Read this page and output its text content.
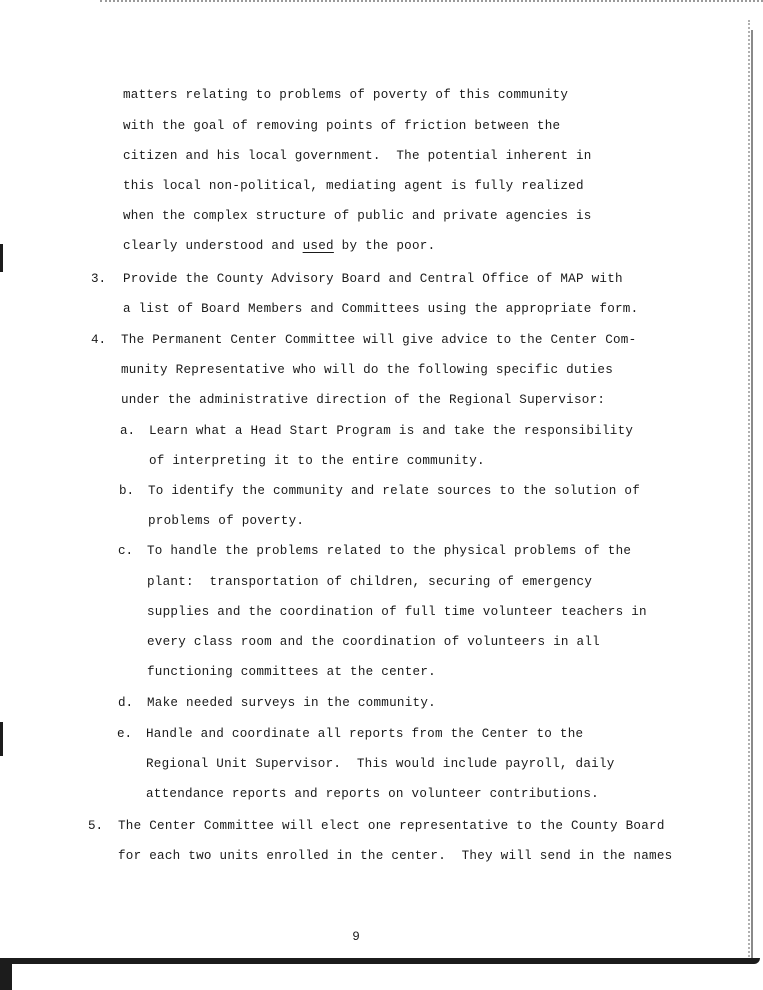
matters relating to problems of poverty of this community
with the goal of removing points of friction between the
citizen and his local government.  The potential inherent in
this local non-political, mediating agent is fully realized
when the complex structure of public and private agencies is
clearly understood and used by the poor.
3. Provide the County Advisory Board and Central Office of MAP with
a list of Board Members and Committees using the appropriate form.
4. The Permanent Center Committee will give advice to the Center Com-
munity Representative who will do the following specific duties
under the administrative direction of the Regional Supervisor:
a. Learn what a Head Start Program is and take the responsibility
of interpreting it to the entire community.
b. To identify the community and relate sources to the solution of
problems of poverty.
c. To handle the problems related to the physical problems of the
plant:  transportation of children, securing of emergency
supplies and the coordination of full time volunteer teachers in
every class room and the coordination of volunteers in all
functioning committees at the center.
d. Make needed surveys in the community.
e. Handle and coordinate all reports from the Center to the
Regional Unit Supervisor.  This would include payroll, daily
attendance reports and reports on volunteer contributions.
5. The Center Committee will elect one representative to the County Board
for each two units enrolled in the center.  They will send in the names
9
